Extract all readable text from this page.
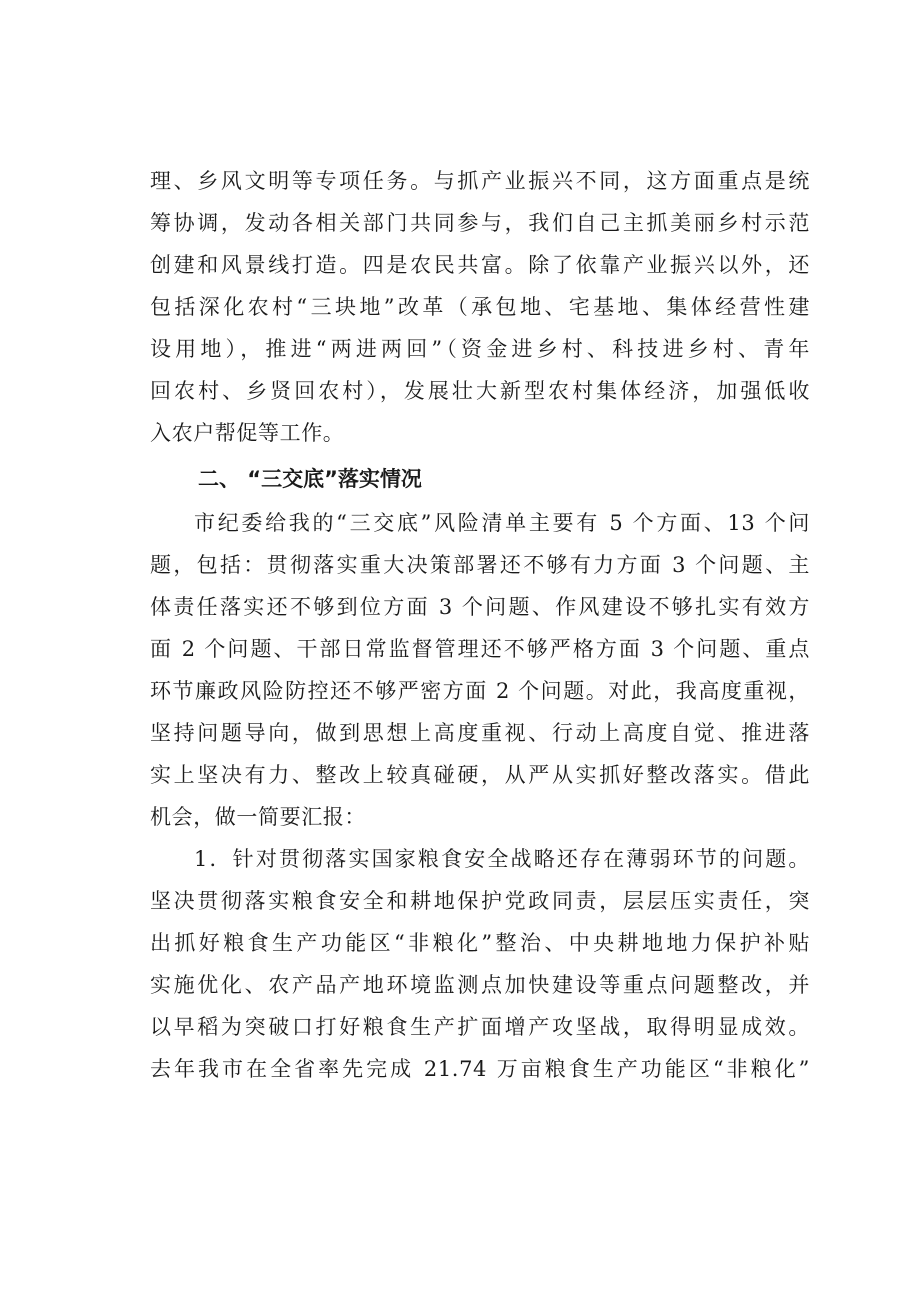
理、乡风文明等专项任务。与抓产业振兴不同，这方面重点是统
筹协调，发动各相关部门共同参与，我们自己主抓美丽乡村示范
创建和风景线打造。四是农民共富。除了依靠产业振兴以外，还
包括深化农村“三块地”改革（承包地、宅基地、集体经营性建
设用地），推进“两进两回”（资金进乡村、科技进乡村、青年
回农村、乡贤回农村），发展壮大新型农村集体经济，加强低收
入农户帮促等工作。
二、 “三交底”落实情况
市纪委给我的“三交底”风险清单主要有 5 个方面、13 个问
题，包括：贯彻落实重大决策部署还不够有力方面 3 个问题、主
体责任落实还不够到位方面 3 个问题、作风建设不够扎实有效方
面 2 个问题、干部日常监督管理还不够严格方面 3 个问题、重点
环节廉政风险防控还不够严密方面 2 个问题。对此，我高度重视，
坚持问题导向，做到思想上高度重视、行动上高度自觉、推进落
实上坚决有力、整改上较真碰硬，从严从实抓好整改落实。借此
机会，做一简要汇报：
1．针对贯彻落实国家粮食安全战略还存在薄弱环节的问题。
坚决贯彻落实粮食安全和耕地保护党政同责，层层压实责任，突
出抓好粮食生产功能区“非粮化”整治、中央耕地地力保护补贴
实施优化、农产品产地环境监测点加快建设等重点问题整改，并
以早稻为突破口打好粮食生产扩面增产攻坚战，取得明显成效。
去年我市在全省率先完成 21.74 万亩粮食生产功能区“非粮化”
